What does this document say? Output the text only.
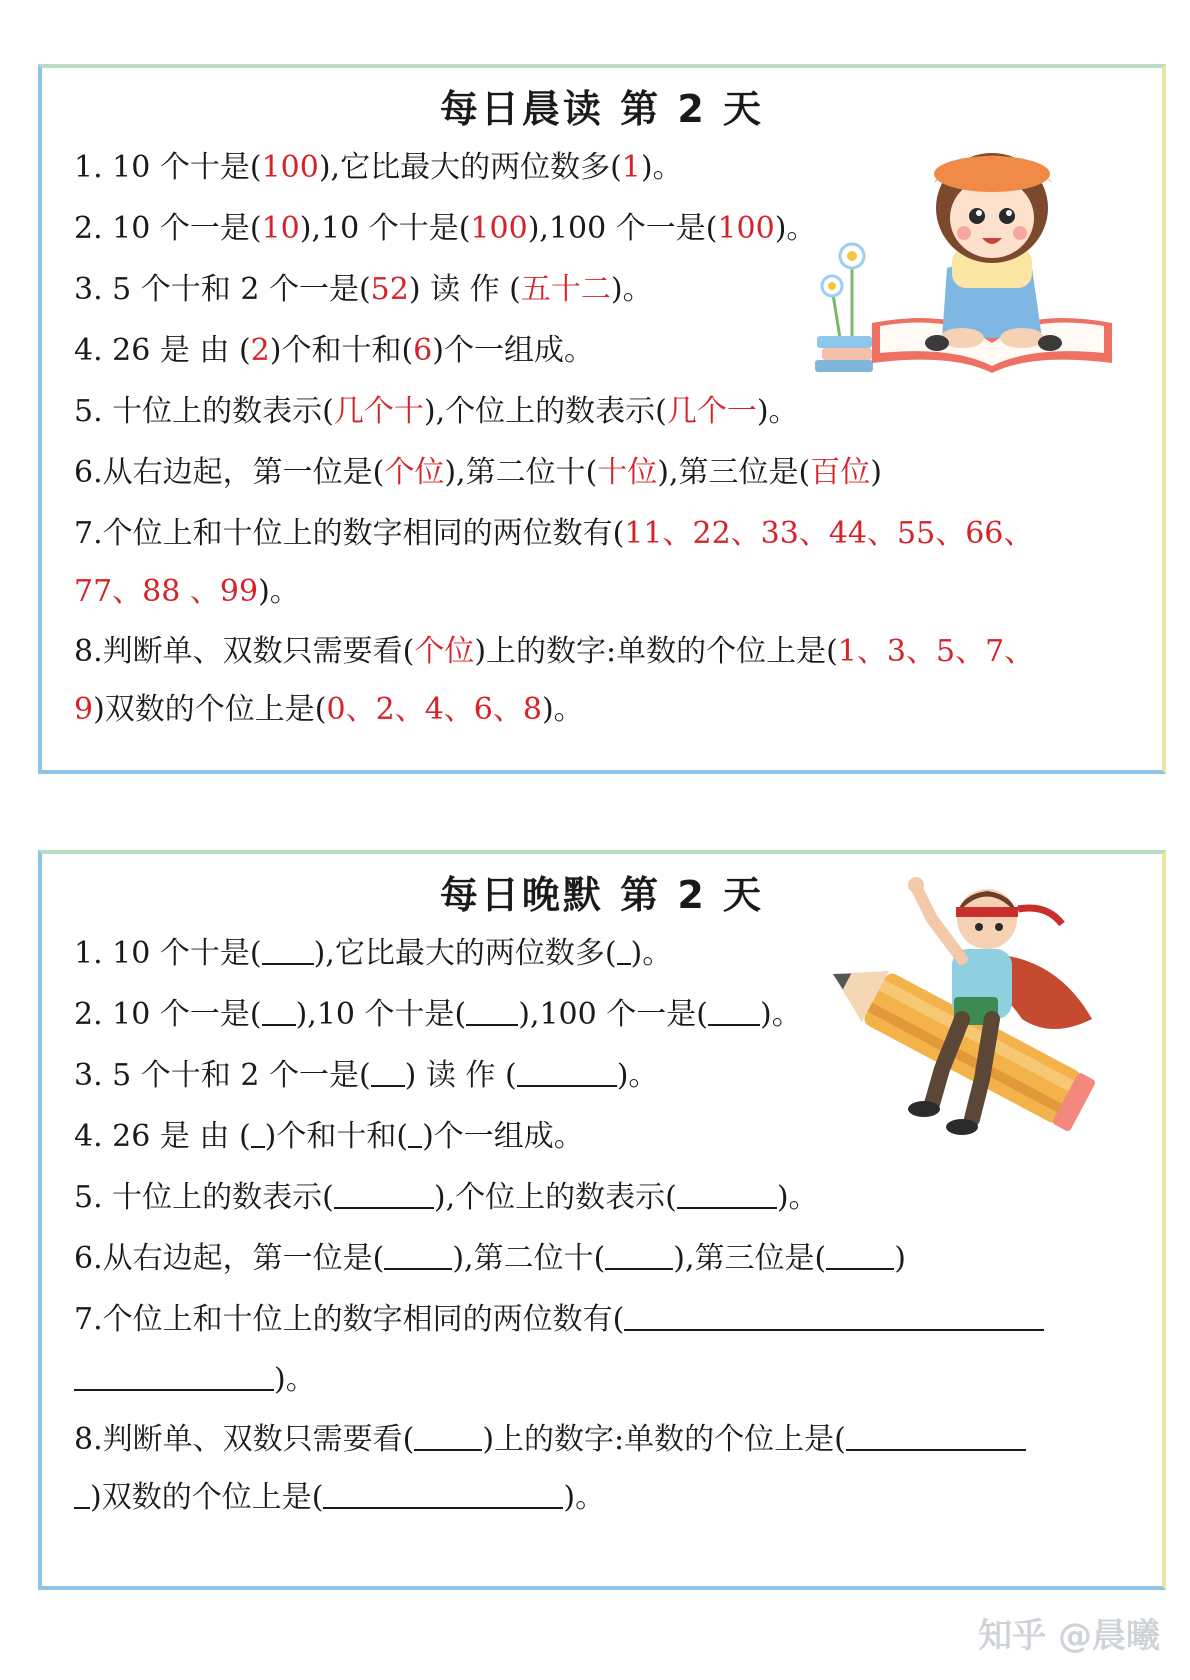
每日晨读 第 2 天
1. 10 个十是(100),它比最大的两位数多(1)。
2. 10 个一是(10),10 个十是(100),100 个一是(100)。
3. 5 个十和 2 个一是(52) 读 作 (五十二)。
4. 26 是 由 (2)个和十和(6)个一组成。
5. 十位上的数表示(几个十),个位上的数表示(几个一)。
6.从右边起，第一位是(个位),第二位十(十位),第三位是(百位)
7.个位上和十位上的数字相同的两位数有(11、22、33、44、55、66、
77、88 、99)。
8.判断单、双数只需要看(个位)上的数字:单数的个位上是(1、3、5、7、
9)双数的个位上是(0、2、4、6、8)。
每日晚默 第 2 天
1. 10 个十是( ),它比最大的两位数多( )。
2. 10 个一是( ),10 个十是( ),100 个一是( )。
3. 5 个十和 2 个一是( ) 读 作 (	)。
4. 26 是 由 ( )个和十和( )个一组成。
5. 十位上的数表示(	),个位上的数表示(	)。
6.从右边起，第一位是( ),第二位十( ),第三位是( )
7.个位上和十位上的数字相同的两位数有(
)。
8.判断单、双数只需要看( )上的数字:单数的个位上是(
)双数的个位上是(	)。
知乎 @晨曦
